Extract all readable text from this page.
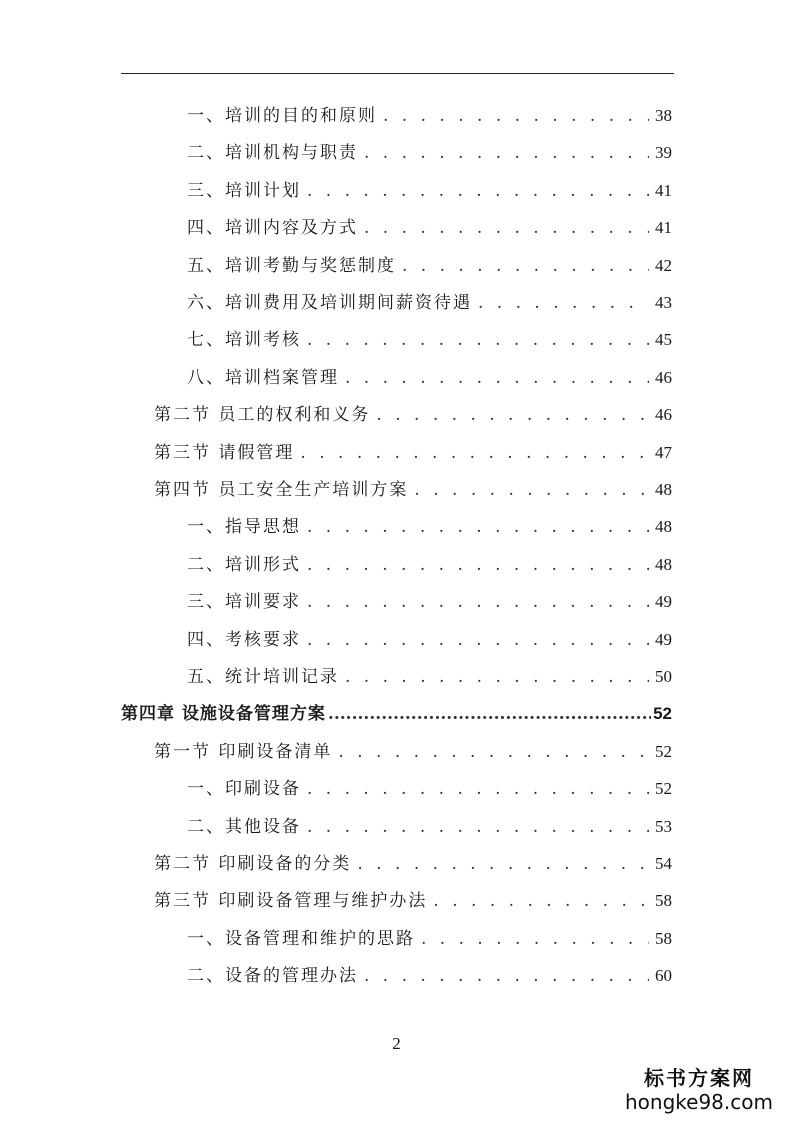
一、培训的目的和原则 . . .	38
二、培训机构与职责 . . .	39
三、培训计划 . . .	41
四、培训内容及方式 . . .	41
五、培训考勤与奖惩制度 . . .	42
六、培训费用及培训期间薪资待遇 . . .	43
七、培训考核 . . .	45
八、培训档案管理 . . .	46
第二节 员工的权利和义务 . . .	46
第三节 请假管理 . . .	47
第四节 员工安全生产培训方案 . . .	48
一、指导思想 . . .	48
二、培训形式 . . .	48
三、培训要求 . . .	49
四、考核要求 . . .	49
五、统计培训记录 . . .	50
第四章 设施设备管理方案 .....	52
第一节 印刷设备清单 . . .	52
一、印刷设备 . . .	52
二、其他设备 . . .	53
第二节 印刷设备的分类 . . .	54
第三节 印刷设备管理与维护办法 . . .	58
一、设备管理和维护的思路 . . .	58
二、设备的管理办法 . . .	60
2
标书方案网
hongke98.com
